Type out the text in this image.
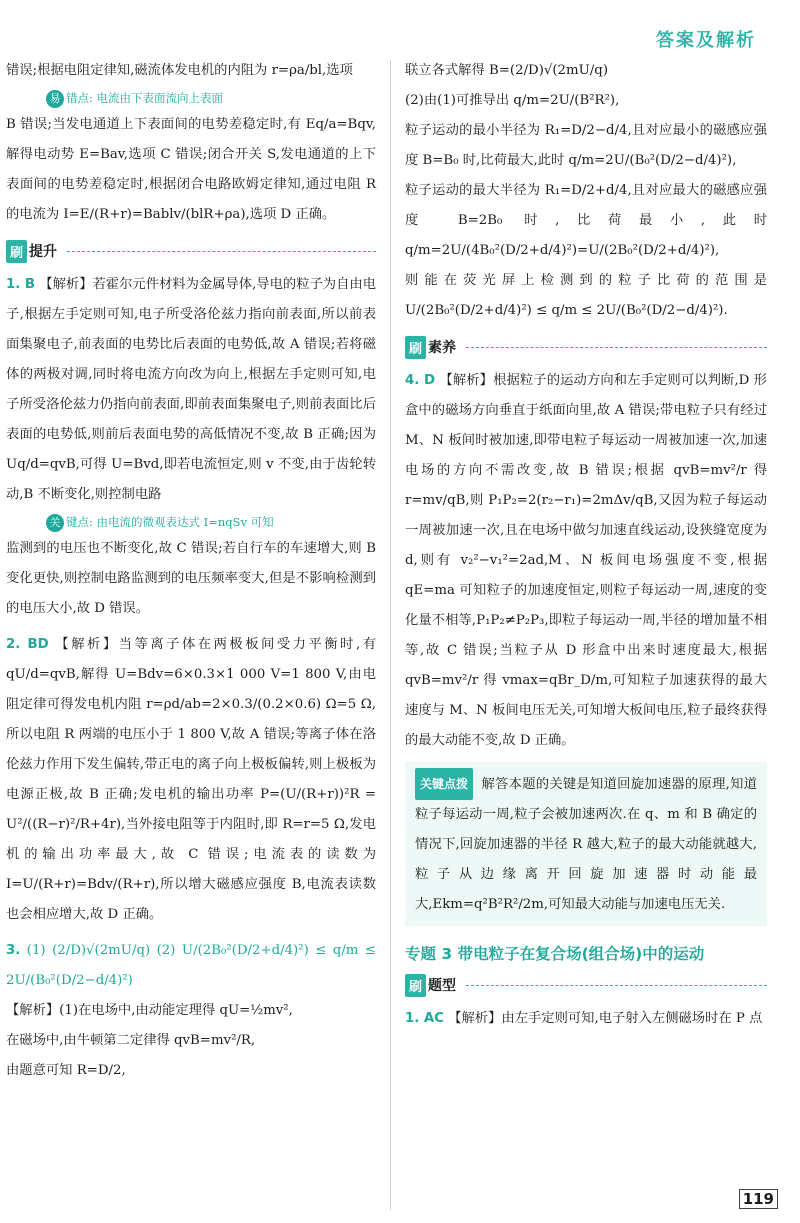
答案及解析

错误;根据电阻定律知,磁流体发电机的内阻为 r=ρa/bl,选项

易 错点: 电流由下表面流向上表面

B 错误;当发电通道上下表面间的电势差稳定时,有 Eq/a=Bqv,解得电动势 E=Bav,选项 C 错误;闭合开关 S,发电通道的上下表面间的电势差稳定时,根据闭合电路欧姆定律知,通过电阻 R 的电流为 I=E/(R+r)=Bablv/(blR+ρa),选项 D 正确。

刷 提升

1. B 【解析】若霍尔元件材料为金属导体,导电的粒子为自由电子,根据左手定则可知,电子所受洛伦兹力指向前表面,所以前表面集聚电子,前表面的电势比后表面的电势低,故 A 错误;若将磁体的两极对调,同时将电流方向改为向上,根据左手定则可知,电子所受洛伦兹力仍指向前表面,即前表面集聚电子,则前表面比后表面的电势低,则前后表面电势的高低情况不变,故 B 正确;因为 Uq/d=qvB,可得 U=Bvd,即若电流恒定,则 v 不变,由于齿轮转动,B 不断变化,则控制电路

关 键点: 由电流的微观表达式 I=nqSv 可知

监测到的电压也不断变化,故 C 错误;若自行车的车速增大,则 B 变化更快,则控制电路监测到的电压频率变大,但是不影响检测到的电压大小,故 D 错误。

2. BD 【解析】当等离子体在两极板间受力平衡时,有 qU/d=qvB,解得 U=Bdv=6×0.3×1 000 V=1 800 V,由电阻定律可得发电机内阻 r=ρd/ab=2×0.3/(0.2×0.6) Ω=5 Ω,所以电阻 R 两端的电压小于 1 800 V,故 A 错误;等离子体在洛伦兹力作用下发生偏转,带正电的离子向上极板偏转,则上极板为电源正极,故 B 正确;发电机的输出功率 P=(U/(R+r))²R = U²/((R−r)²/R+4r),当外接电阻等于内阻时,即 R=r=5 Ω,发电机的输出功率最大,故 C 错误;电流表的读数为 I=U/(R+r)=Bdv/(R+r),所以增大磁感应强度 B,电流表读数也会相应增大,故 D 正确。

3. (1) (2/D)√(2mU/q) (2) U/(2B₀²(D/2+d/4)²) ≤ q/m ≤ 2U/(B₀²(D/2−d/4)²)

【解析】(1)在电场中,由动能定理得 qU=½mv²,

在磁场中,由牛顿第二定律得 qvB=mv²/R,

由题意可知 R=D/2,

联立各式解得 B=(2/D)√(2mU/q)

(2)由(1)可推导出 q/m=2U/(B²R²),

粒子运动的最小半径为 R₁=D/2−d/4,且对应最小的磁感应强度 B=B₀ 时,比荷最大,此时 q/m=2U/(B₀²(D/2−d/4)²),

粒子运动的最大半径为 R₁=D/2+d/4,且对应最大的磁感应强度 B=2B₀ 时,比荷最小,此时 q/m=2U/(4B₀²(D/2+d/4)²)=U/(2B₀²(D/2+d/4)²),

则能在荧光屏上检测到的粒子比荷的范围是 U/(2B₀²(D/2+d/4)²) ≤ q/m ≤ 2U/(B₀²(D/2−d/4)²).

刷 素养

4. D 【解析】根据粒子的运动方向和左手定则可以判断,D 形盒中的磁场方向垂直于纸面向里,故 A 错误;带电粒子只有经过 M、N 板间时被加速,即带电粒子每运动一周被加速一次,加速电场的方向不需改变,故 B 错误;根据 qvB=mv²/r 得 r=mv/qB,则 P₁P₂=2(r₂−r₁)=2mΔv/qB,又因为粒子每运动一周被加速一次,且在电场中做匀加速直线运动,设狭缝宽度为 d,则有 v₂²−v₁²=2ad,M、N 板间电场强度不变,根据 qE=ma 可知粒子的加速度恒定,则粒子每运动一周,速度的变化量不相等,P₁P₂≠P₂P₃,即粒子每运动一周,半径的增加量不相等,故 C 错误;当粒子从 D 形盒中出来时速度最大,根据 qvB=mv²/r 得 vmax=qBr_D/m,可知粒子加速获得的最大速度与 M、N 板间电压无关,可知增大板间电压,粒子最终获得的最大动能不变,故 D 正确。

关键点拨 解答本题的关键是知道回旋加速器的原理,知道粒子每运动一周,粒子会被加速两次.在 q、m 和 B 确定的情况下,回旋加速器的半径 R 越大,粒子的最大动能就越大,粒子从边缘离开回旋加速器时动能最大,Ekm=q²B²R²/2m,可知最大动能与加速电压无关.

专题 3 带电粒子在复合场(组合场)中的运动
刷 题型

1. AC 【解析】由左手定则可知,电子射入左侧磁场时在 P 点

119
